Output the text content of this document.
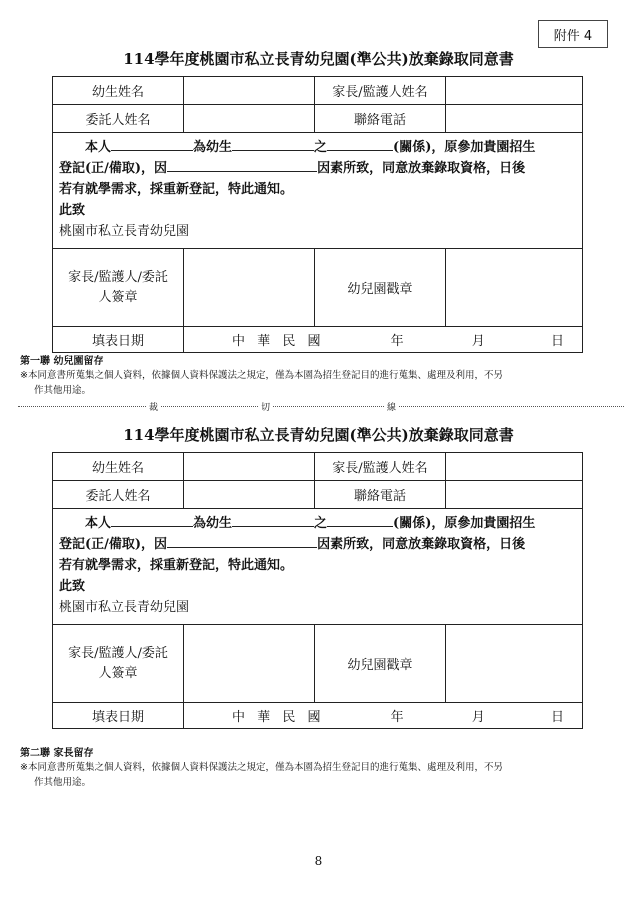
附件 4
114學年度桃園市私立長青幼兒園(準公共)放棄錄取同意書
幼生姓名		家長/監護人姓名	
委託人姓名		聯絡電話	

本人 為幼生 之 (關係)，原參加貴園招生
登記(正/備取)，因 因素所致，同意放棄錄取資格，日後
若有就學需求，採重新登記，特此通知。
此致
桃園市私立長青幼兒園			

家長/監護人/委託
人簽章		幼兒園戳章	
填表日期	中 華 民 國 年 月 日		
第一聯 幼兒園留存
※本同意書所蒐集之個人資料，依據個人資料保護法之規定，僅為本園為招生登記目的進行蒐集、處理及利用，不另
作其他用途。
裁	切	線
114學年度桃園市私立長青幼兒園(準公共)放棄錄取同意書
幼生姓名		家長/監護人姓名	
委託人姓名		聯絡電話	

本人 為幼生 之 (關係)，原參加貴園招生
登記(正/備取)，因 因素所致，同意放棄錄取資格，日後
若有就學需求，採重新登記，特此通知。
此致
桃園市私立長青幼兒園			

家長/監護人/委託
人簽章		幼兒園戳章	
填表日期	中 華 民 國 年 月 日		
第二聯 家長留存
※本同意書所蒐集之個人資料，依據個人資料保護法之規定，僅為本園為招生登記目的進行蒐集、處理及利用，不另
作其他用途。
8
